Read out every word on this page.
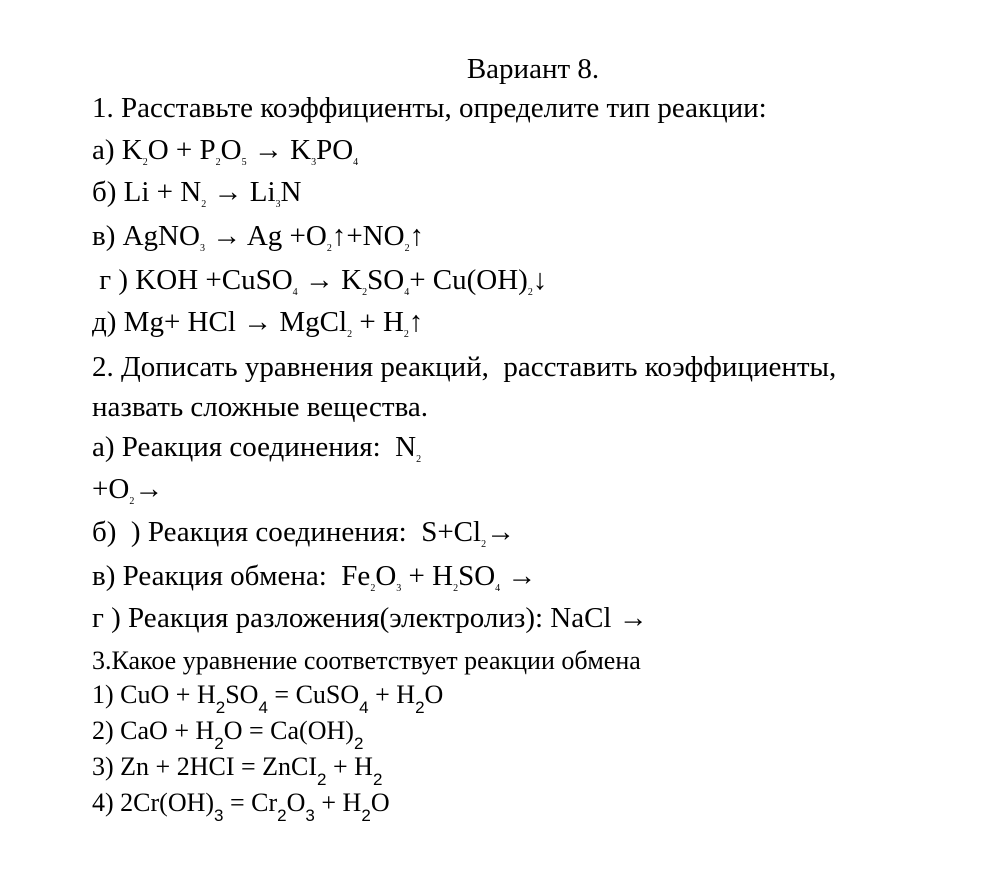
Вариант 8.
1. Расставьте коэффициенты, определите тип реакции:
а) $K_2O + P_2O_5 \to K_3PO_4$
б) $Li + N_2 \to Li_3N$
в) AgNO$_3$ → $Ag +O_2↑+NO_2↑$
г ) KOH +CuSO$_4$ → $K_2SO_4+$ $Cu(OH)_2↓$
д) Mg+ HCl → MgCl$_2$ + $H_2↑$
2. Дописать уравнения реакций,  расставить коэффициенты,
назвать сложные вещества.
а) Реакция соединения:  $N_2$
$+O_2\to$
б)  ) Реакция соединения:  $S+Cl_2\to$
в) Реакция обмена:  $Fe_2O_3 + H_2SO_4$ →
г ) Реакция разложения(электролиз): NaCl →
3.Какое уравнение соответствует реакции обмена
1) CuO + $H_2SO_4$ = CuSO$_4$ + $H_2O$
2) CaO + $H_2O = Ca(OH)_2$
3) Zn + 2HCI = ZnCI$_2$ + $H_2$
4) $2Cr(OH)_3 = Cr_2O_3 + H_2O$
